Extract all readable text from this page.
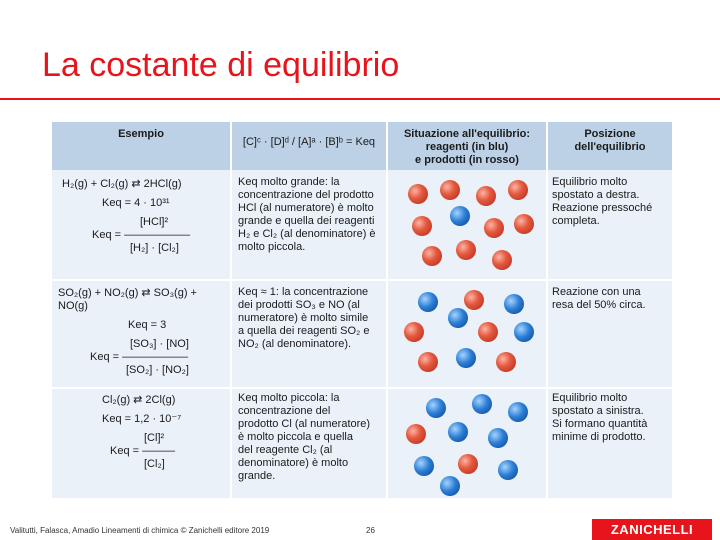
La costante di equilibrio
Esempio
[C]ᶜ · [D]ᵈ / [A]ᵃ · [B]ᵇ = Keq
Situazione all'equilibrio:
reagenti (in blu)
e prodotti (in rosso)
Posizione
dell'equilibrio
H₂(g) + Cl₂(g) ⇄ 2HCl(g)
Keq = 4 · 10³¹
[HCl]²
Keq = ——————
[H₂] · [Cl₂]
Keq molto grande: la
concentrazione del prodotto
HCl (al numeratore) è molto
grande e quella dei reagenti
H₂ e Cl₂ (al denominatore) è
molto piccola.
Equilibrio molto
spostato a destra.
Reazione pressoché
completa.
SO₂(g) + NO₂(g) ⇄ SO₃(g) + NO(g)
Keq = 3
[SO₃] · [NO]
Keq = ——————
[SO₂] · [NO₂]
Keq ≈ 1: la concentrazione
dei prodotti SO₃ e NO (al
numeratore) è molto simile
a quella dei reagenti SO₂ e
NO₂ (al denominatore).
Reazione con una
resa del 50% circa.
Cl₂(g) ⇄ 2Cl(g)
Keq = 1,2 · 10⁻⁷
[Cl]²
Keq = ———
[Cl₂]
Keq molto piccola: la
concentrazione del
prodotto Cl (al numeratore)
è molto piccola e quella
del reagente Cl₂ (al
denominatore) è molto
grande.
Equilibrio molto
spostato a sinistra.
Si formano quantità
minime di prodotto.
Valitutti, Falasca, Amadio Lineamenti di chimica © Zanichelli editore 2019	26	ZANICHELLI
